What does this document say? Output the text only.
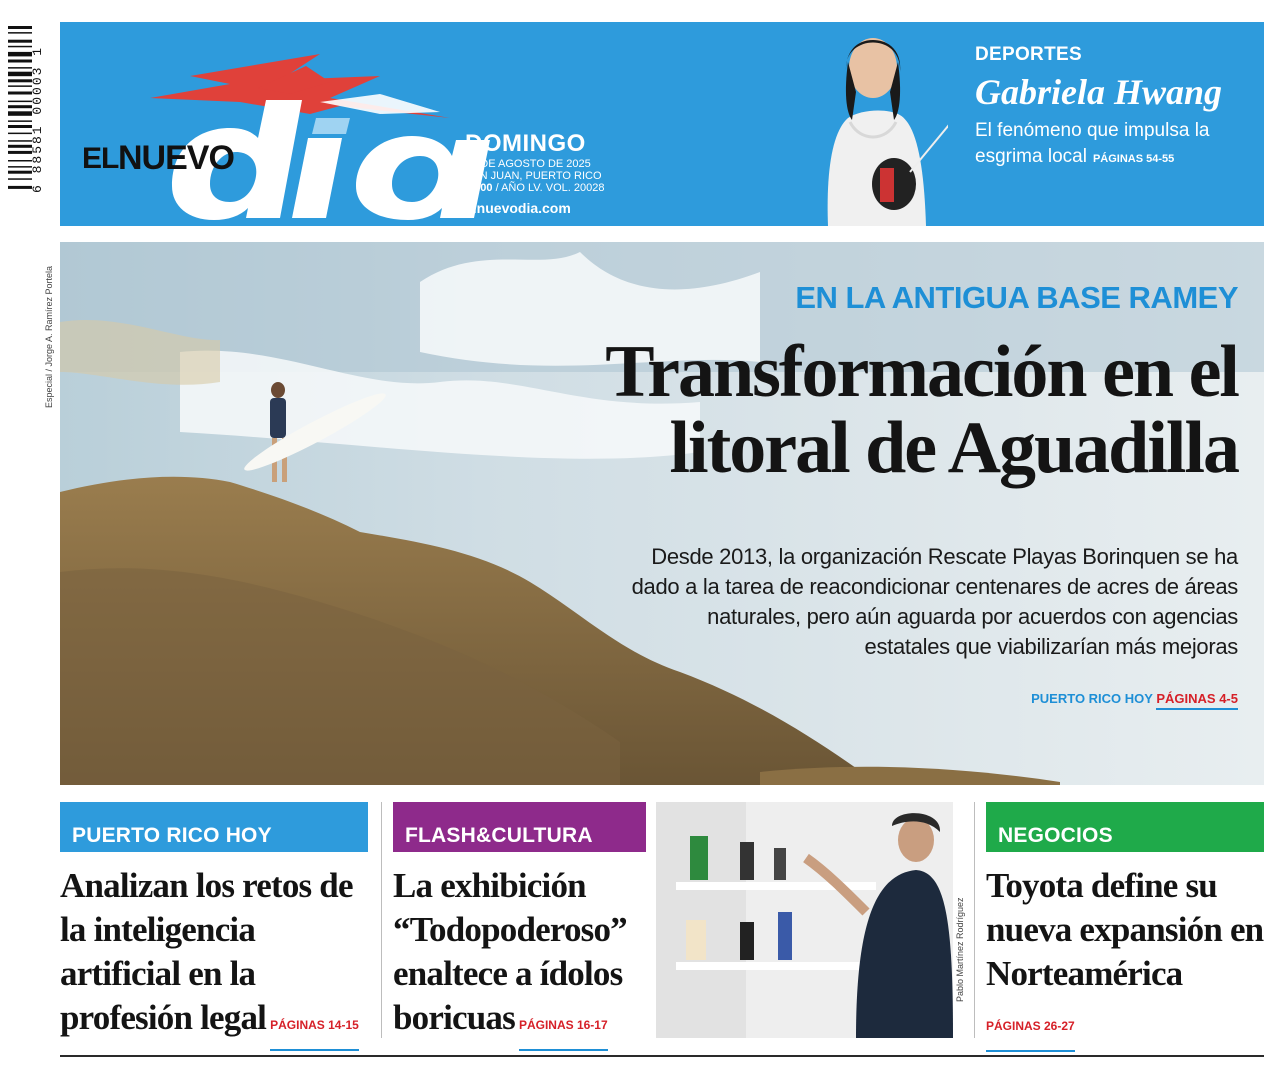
6 88581 00003 1 EL NUEVO	DOMINGO
31 DE AGOSTO DE 2025
SAN JUAN, PUERTO RICO
$2.00 / AÑO LV. VOL. 20028
elnuevodia.com
DEPORTES
Gabriela Hwang
El fenómeno que impulsa la esgrima local PÁGINAS 54-55
EN LA ANTIGUA BASE RAMEY
Transformación en el litoral de Aguadilla
Desde 2013, la organización Rescate Playas Borinquen se ha dado a la tarea de reacondicionar centenares de acres de áreas naturales, pero aún aguarda por acuerdos con agencias estatales que viabilizarían más mejoras
PUERTO RICO HOY PÁGINAS 4-5
Especial / Jorge A. Ramírez Portela
PUERTO RICO HOY
Analizan los retos de la inteligencia artificial en la profesión legal PÁGINAS 14-15
FLASH&CULTURA
La exhibición “Todopoderoso” enaltece a ídolos boricuas PÁGINAS 16-17
Pablo Martínez Rodríguez
NEGOCIOS
Toyota define su nueva expansión en Norteamérica
PÁGINAS 26-27
